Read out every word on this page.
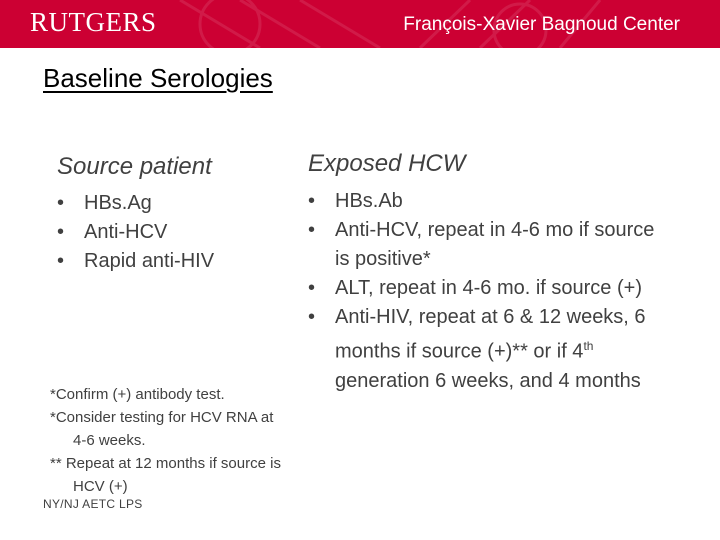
RUTGERS	François-Xavier Bagnoud Center
Baseline Serologies
Source patient
• HBs.Ag
• Anti-HCV
• Rapid anti-HIV
Exposed HCW
• HBs.Ab
• Anti-HCV, repeat in 4-6 mo if source is positive*
• ALT, repeat in 4-6 mo. if source (+)
• Anti-HIV, repeat at 6 & 12 weeks, 6 months if source (+)** or if 4th generation 6 weeks, and 4 months

*Confirm (+) antibody test.

*Consider testing for HCV RNA at 4-6 weeks.

** Repeat at 12 months if source is HCV (+)

NY/NJ AETC LPS
